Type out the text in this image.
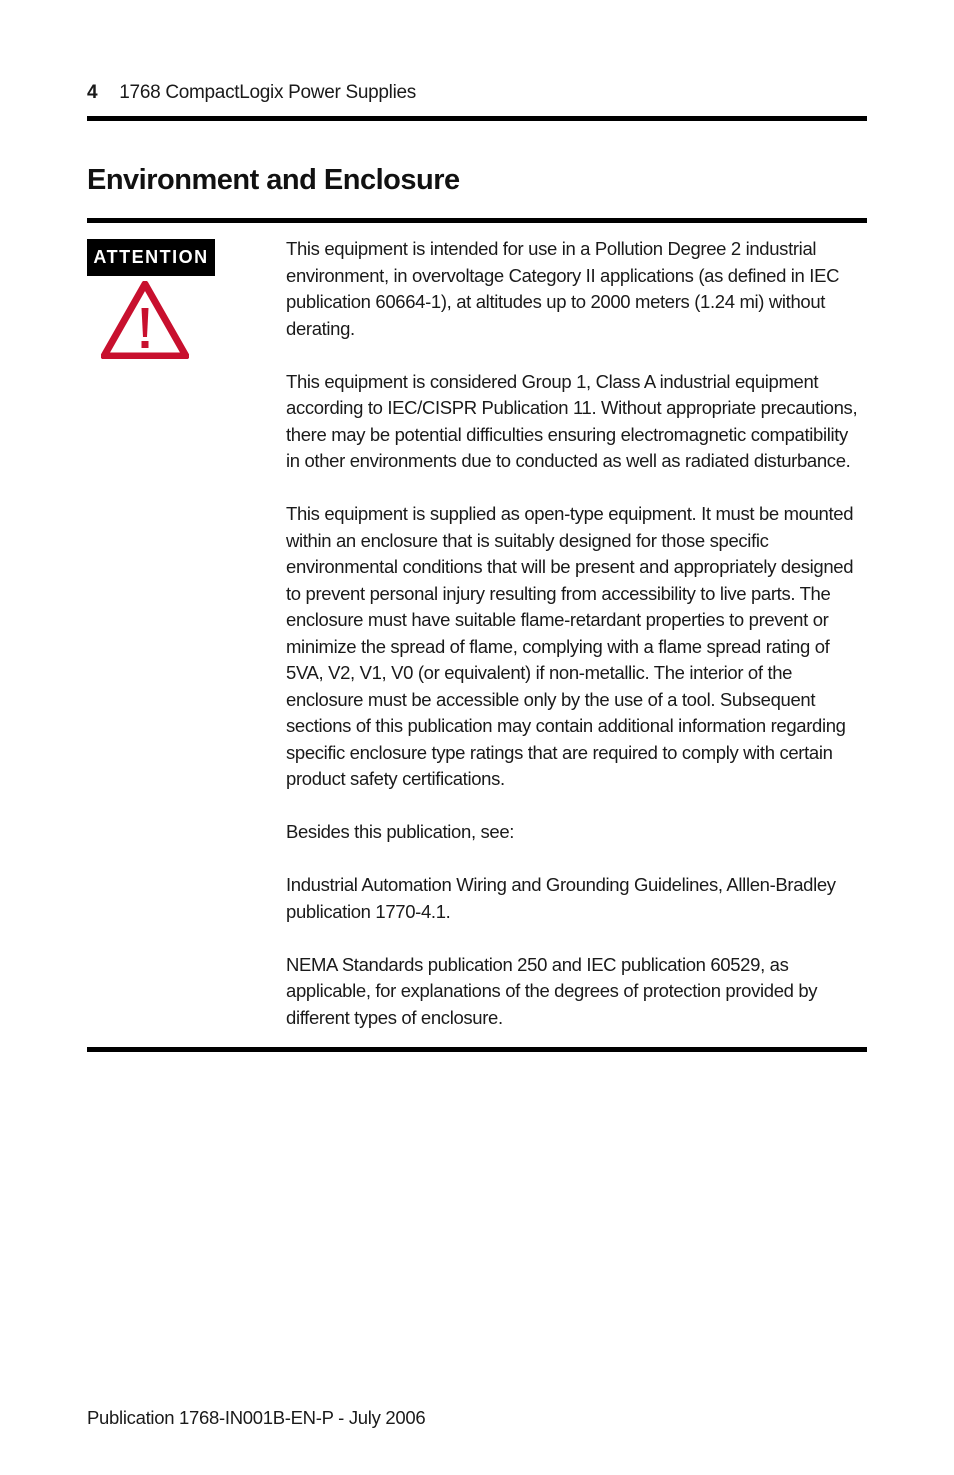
4 1768 CompactLogix Power Supplies
Environment and Enclosure
ATTENTION	This equipment is intended for use in a Pollution Degree 2 industrial environment, in overvoltage Category II applications (as defined in IEC publication 60664-1), at altitudes up to 2000 meters (1.24 mi) without derating.

This equipment is considered Group 1, Class A industrial equipment according to IEC/CISPR Publication 11. Without appropriate precautions, there may be potential difficulties ensuring electromagnetic compatibility in other environments due to conducted as well as radiated disturbance.

This equipment is supplied as open-type equipment. It must be mounted within an enclosure that is suitably designed for those specific environmental conditions that will be present and appropriately designed to prevent personal injury resulting from accessibility to live parts. The enclosure must have suitable flame-retardant properties to prevent or minimize the spread of flame, complying with a flame spread rating of 5VA, V2, V1, V0 (or equivalent) if non-metallic. The interior of the enclosure must be accessible only by the use of a tool. Subsequent sections of this publication may contain additional information regarding specific enclosure type ratings that are required to comply with certain product safety certifications.

Besides this publication, see:

Industrial Automation Wiring and Grounding Guidelines, Alllen-Bradley publication 1770-4.1.

NEMA Standards publication 250 and IEC publication 60529, as applicable, for explanations of the degrees of protection provided by different types of enclosure.

Publication 1768-IN001B-EN-P - July 2006
